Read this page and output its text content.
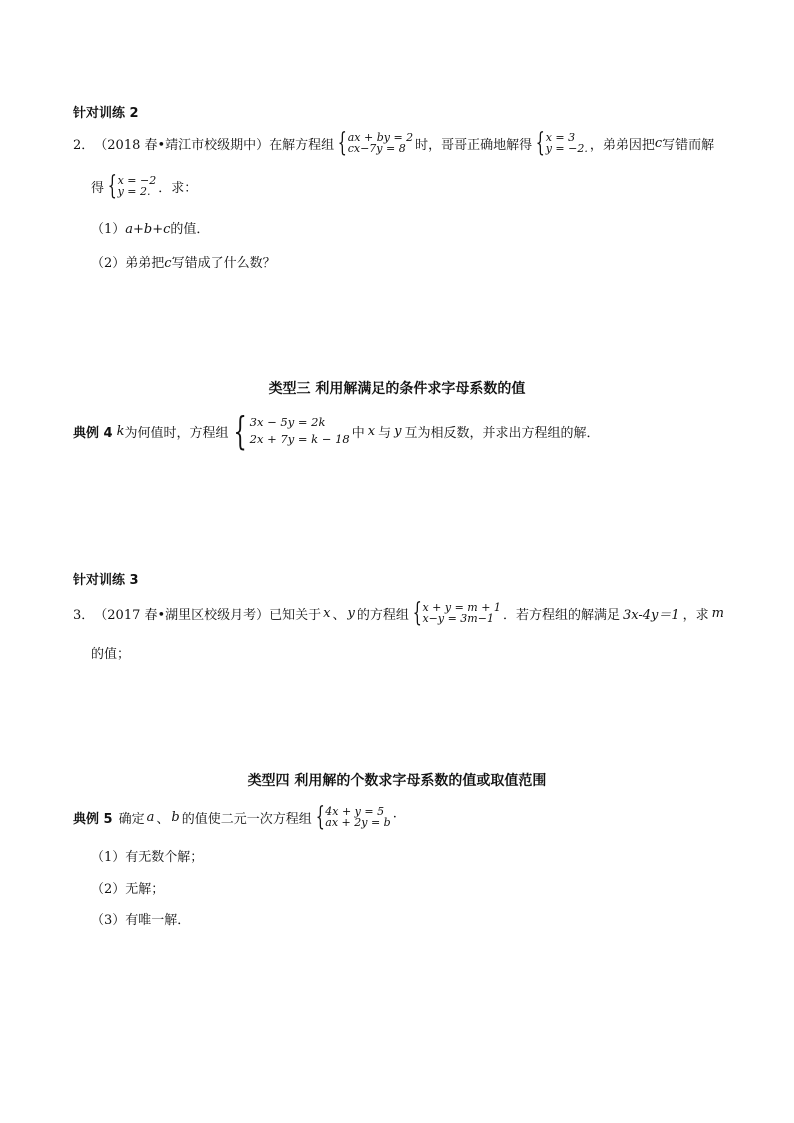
针对训练 2
2． （2018 春•靖江市校级期中）在解方程组 { ax + by = 2
cx−7y = 8 时，哥哥正确地解得 { x = 3
y = −2. ，弟弟因把 c 写错而解
得 { x = −2
y = 2. ．求：
（1）a+b+c的值．
（2）弟弟把c写错成了什么数？
类型三 利用解满足的条件求字母系数的值
典例 4 k 为何值时，方程组 { 3x − 5y = 2k
2x + 7y = k − 18 中 x 与 y 互为相反数，并求出方程组的解．
针对训练 3
3． （2017 春•湖里区校级月考）已知关于 x 、 y 的方程组 { x + y = m + 1
x−y = 3m−1 ．若方程组的解满足 3x-4y＝1 ，求 m
的值；
类型四 利用解的个数求字母系数的值或取值范围
典例 5 确定 a 、 b 的值使二元一次方程组 { 4x + y = 5
ax + 2y = b ·
（1）有无数个解；
（2）无解；
（3）有唯一解．
